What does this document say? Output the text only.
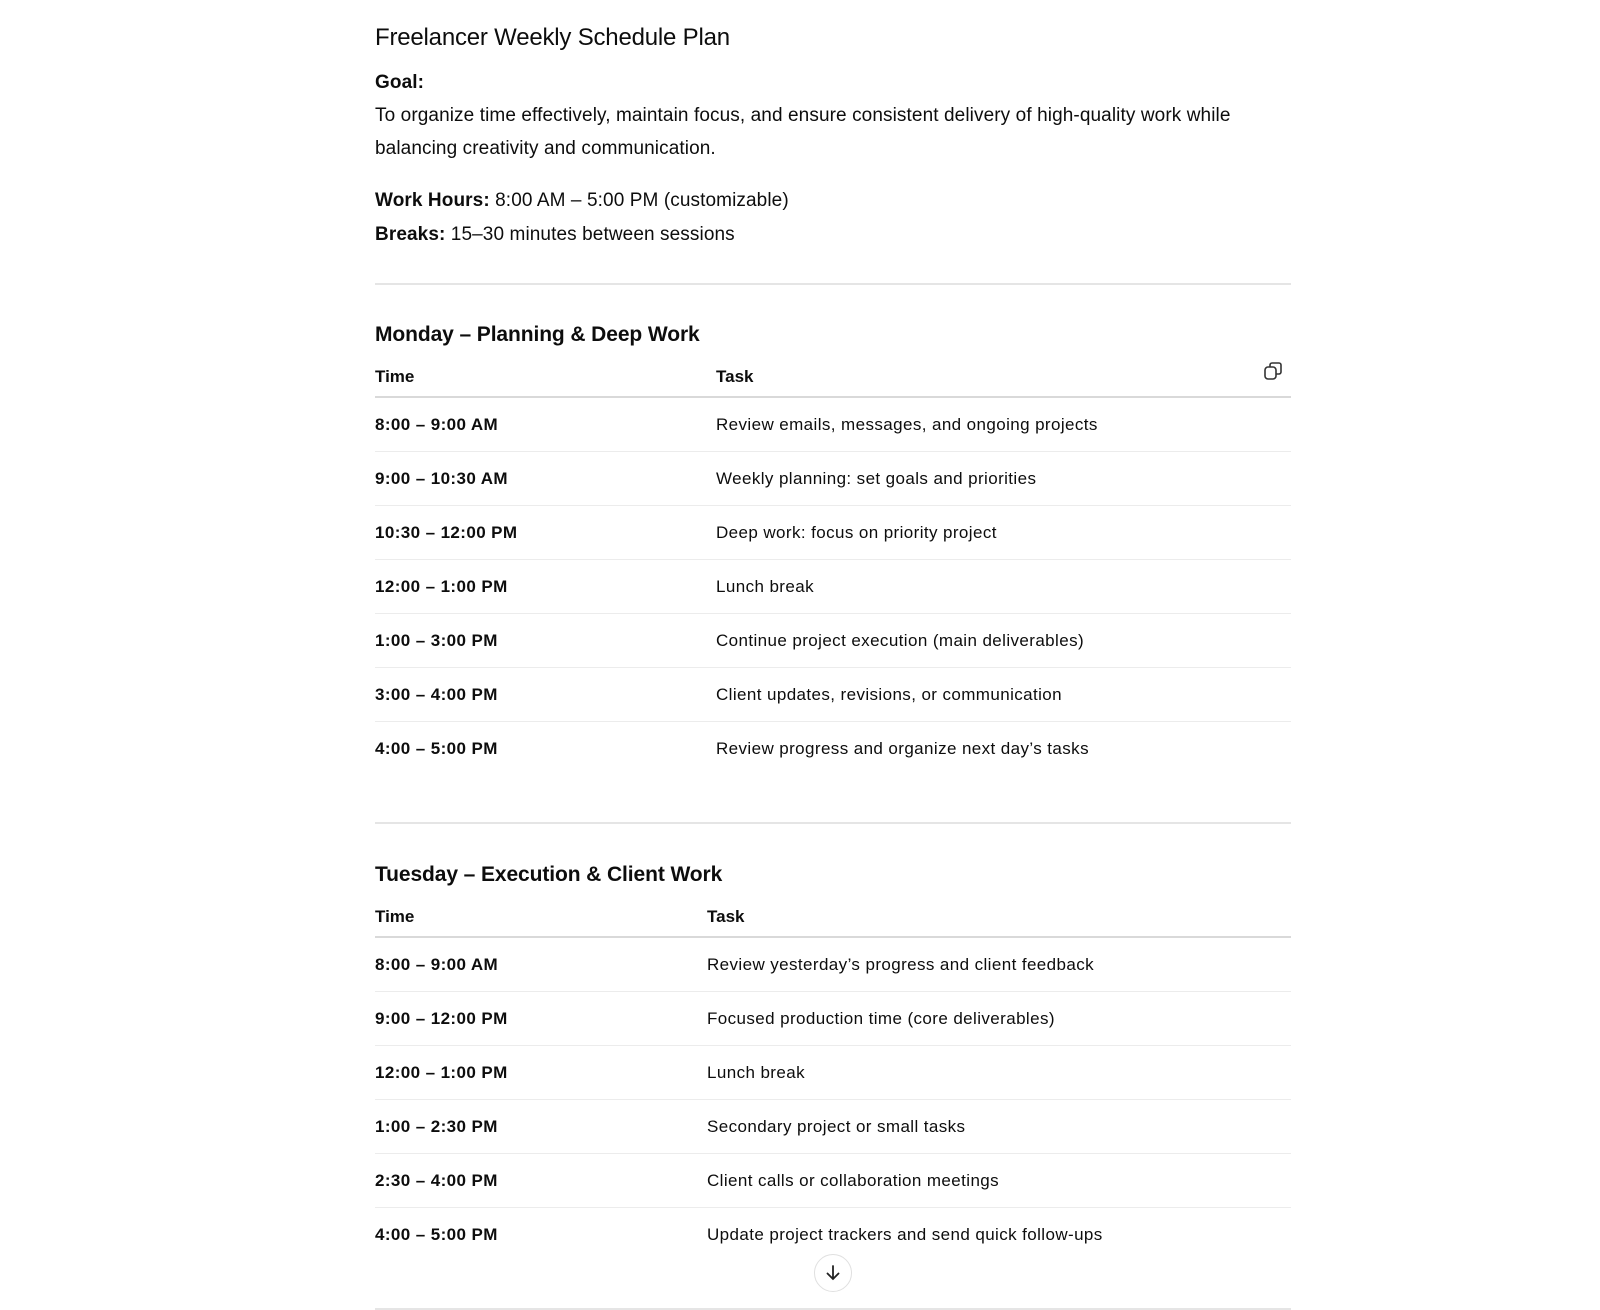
Freelancer Weekly Schedule Plan
Goal:
To organize time effectively, maintain focus, and ensure consistent delivery of high-quality work while
balancing creativity and communication.
Work Hours: 8:00 AM – 5:00 PM (customizable)
Breaks: 15–30 minutes between sessions
Monday – Planning & Deep Work
Time	Task
8:00 – 9:00 AM	Review emails, messages, and ongoing projects
9:00 – 10:30 AM	Weekly planning: set goals and priorities
10:30 – 12:00 PM	Deep work: focus on priority project
12:00 – 1:00 PM	Lunch break
1:00 – 3:00 PM	Continue project execution (main deliverables)
3:00 – 4:00 PM	Client updates, revisions, or communication
4:00 – 5:00 PM	Review progress and organize next day’s tasks
Tuesday – Execution & Client Work
Time	Task
8:00 – 9:00 AM	Review yesterday’s progress and client feedback
9:00 – 12:00 PM	Focused production time (core deliverables)
12:00 – 1:00 PM	Lunch break
1:00 – 2:30 PM	Secondary project or small tasks
2:30 – 4:00 PM	Client calls or collaboration meetings
4:00 – 5:00 PM	Update project trackers and send quick follow-ups
